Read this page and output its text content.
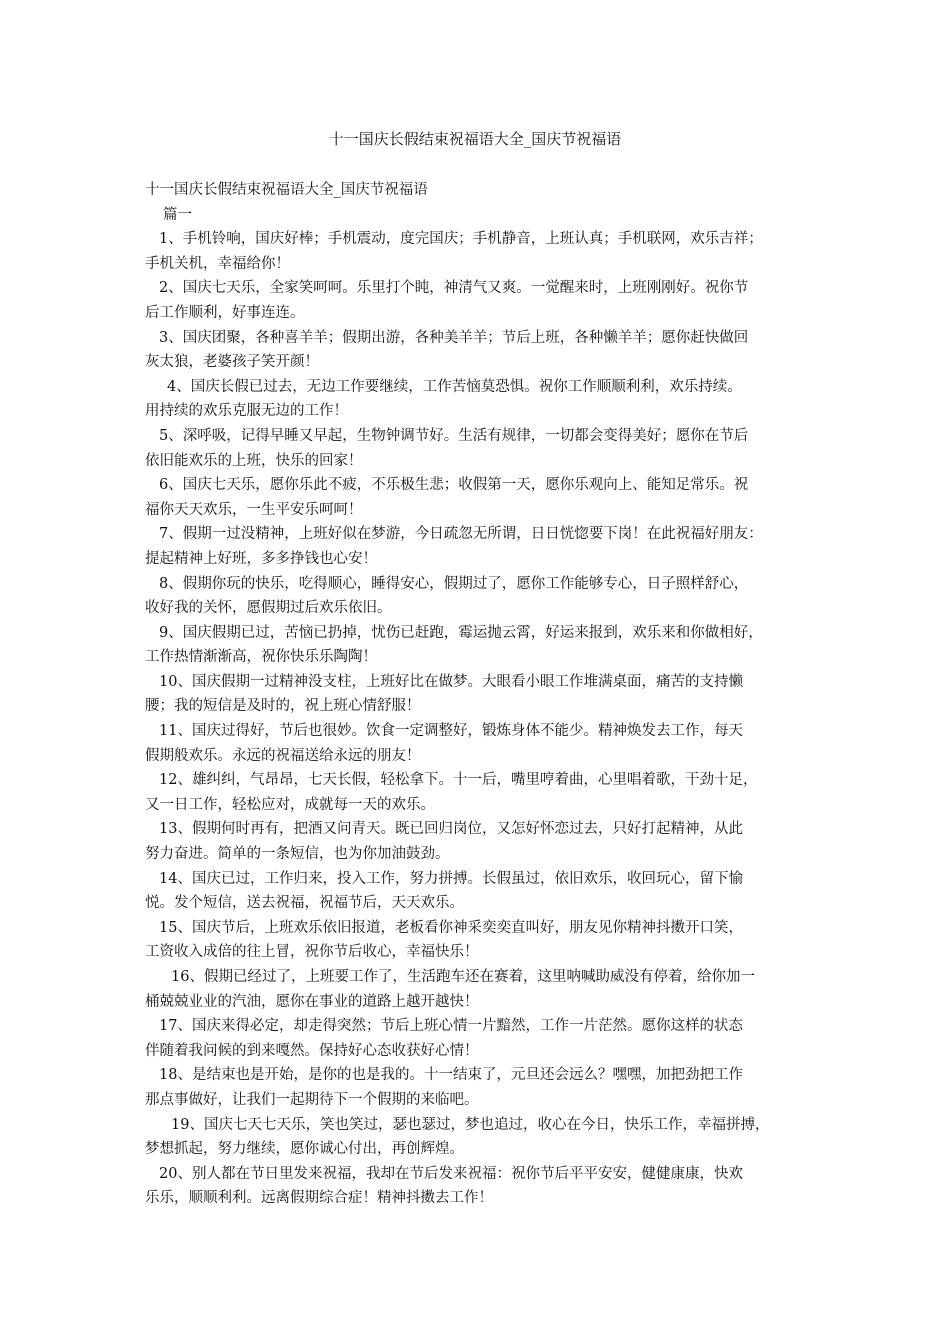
十一国庆长假结束祝福语大全_国庆节祝福语
十一国庆长假结束祝福语大全_国庆节祝福语
篇一
1、手机铃响，国庆好棒；手机震动，度完国庆；手机静音，上班认真；手机联网，欢乐吉祥；
手机关机，幸福给你！
2、国庆七天乐，全家笑呵呵。乐里打个盹，神清气又爽。一觉醒来时，上班刚刚好。祝你节
后工作顺利，好事连连。
3、国庆团聚，各种喜羊羊；假期出游，各种美羊羊；节后上班，各种懒羊羊；愿你赶快做回
灰太狼，老婆孩子笑开颜！
4、国庆长假已过去，无边工作要继续，工作苦恼莫恐惧。祝你工作顺顺利利，欢乐持续。
用持续的欢乐克服无边的工作！
5、深呼吸，记得早睡又早起，生物钟调节好。生活有规律，一切都会变得美好；愿你在节后
依旧能欢乐的上班，快乐的回家！
6、国庆七天乐，愿你乐此不疲，不乐极生悲；收假第一天，愿你乐观向上、能知足常乐。祝
福你天天欢乐，一生平安乐呵呵！
7、假期一过没精神，上班好似在梦游，今日疏忽无所谓，日日恍惚要下岗！在此祝福好朋友：
提起精神上好班，多多挣钱也心安！
8、假期你玩的快乐，吃得顺心，睡得安心，假期过了，愿你工作能够专心，日子照样舒心，
收好我的关怀，愿假期过后欢乐依旧。
9、国庆假期已过，苦恼已扔掉，忧伤已赶跑，霉运抛云霄，好运来报到，欢乐来和你做相好，
工作热情渐渐高，祝你快乐乐陶陶！
10、国庆假期一过精神没支柱，上班好比在做梦。大眼看小眼工作堆满桌面，痛苦的支持懒
腰；我的短信是及时的，祝上班心情舒服！
11、国庆过得好，节后也很妙。饮食一定调整好，锻炼身体不能少。精神焕发去工作，每天
假期般欢乐。永远的祝福送给永远的朋友！
12、雄纠纠，气昂昂，七天长假，轻松拿下。十一后，嘴里哼着曲，心里唱着歌，干劲十足，
又一日工作，轻松应对，成就每一天的欢乐。
13、假期何时再有，把酒又问青天。既已回归岗位，又怎好怀恋过去，只好打起精神，从此
努力奋进。简单的一条短信，也为你加油鼓劲。
14、国庆已过，工作归来，投入工作，努力拼搏。长假虽过，依旧欢乐，收回玩心，留下愉
悦。发个短信，送去祝福，祝福节后，天天欢乐。
15、国庆节后，上班欢乐依旧报道，老板看你神采奕奕直叫好，朋友见你精神抖擞开口笑，
工资收入成倍的往上冒，祝你节后收心，幸福快乐！
16、假期已经过了，上班要工作了，生活跑车还在赛着，这里呐喊助威没有停着，给你加一
桶兢兢业业的汽油，愿你在事业的道路上越开越快！
17、国庆来得必定，却走得突然；节后上班心情一片黯然，工作一片茫然。愿你这样的状态
伴随着我问候的到来嘎然。保持好心态收获好心情！
18、是结束也是开始，是你的也是我的。十一结束了，元旦还会远么？嘿嘿，加把劲把工作
那点事做好，让我们一起期待下一个假期的来临吧。
19、国庆七天七天乐，笑也笑过，瑟也瑟过，梦也追过，收心在今日，快乐工作，幸福拼搏，
梦想抓起，努力继续，愿你诚心付出，再创辉煌。
20、别人都在节日里发来祝福，我却在节后发来祝福：祝你节后平平安安，健健康康，快欢
乐乐，顺顺利利。远离假期综合症！精神抖擞去工作！
